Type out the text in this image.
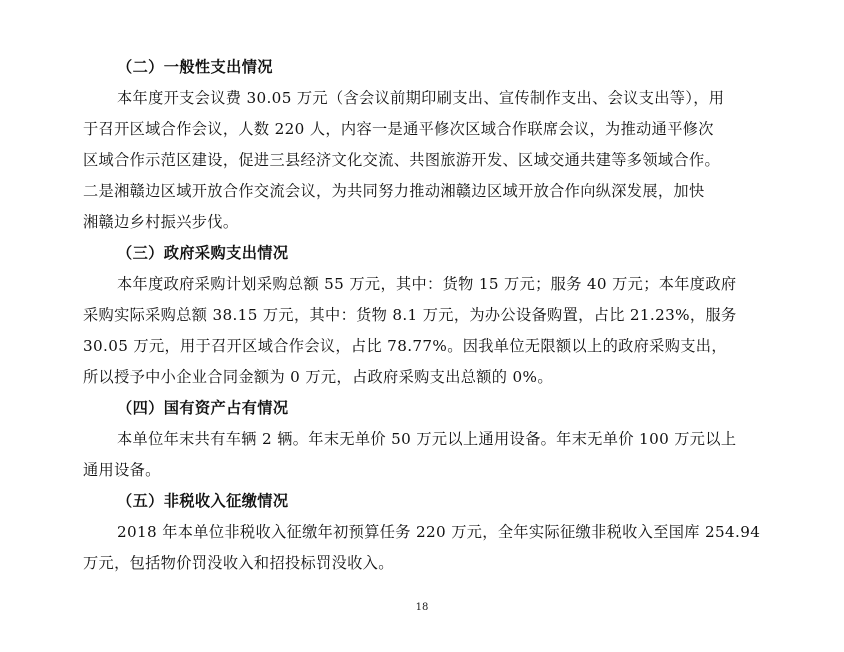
（二）一般性支出情况
本年度开支会议费 30.05 万元（含会议前期印刷支出、宣传制作支出、会议支出等），用
于召开区域合作会议，人数 220 人，内容一是通平修次区域合作联席会议，为推动通平修次
区域合作示范区建设，促进三县经济文化交流、共图旅游开发、区域交通共建等多领域合作。
二是湘赣边区域开放合作交流会议，为共同努力推动湘赣边区域开放合作向纵深发展，加快
湘赣边乡村振兴步伐。
（三）政府采购支出情况
本年度政府采购计划采购总额 55 万元，其中：货物 15 万元；服务 40 万元；本年度政府
采购实际采购总额 38.15 万元，其中：货物 8.1 万元，为办公设备购置，占比 21.23%，服务
30.05 万元，用于召开区域合作会议，占比 78.77%。因我单位无限额以上的政府采购支出，
所以授予中小企业合同金额为 0 万元，占政府采购支出总额的 0%。
（四）国有资产占有情况
本单位年末共有车辆 2 辆。年末无单价 50 万元以上通用设备。年末无单价 100 万元以上
通用设备。
（五）非税收入征缴情况
2018 年本单位非税收入征缴年初预算任务 220 万元，全年实际征缴非税收入至国库 254.94
万元，包括物价罚没收入和招投标罚没收入。
18
